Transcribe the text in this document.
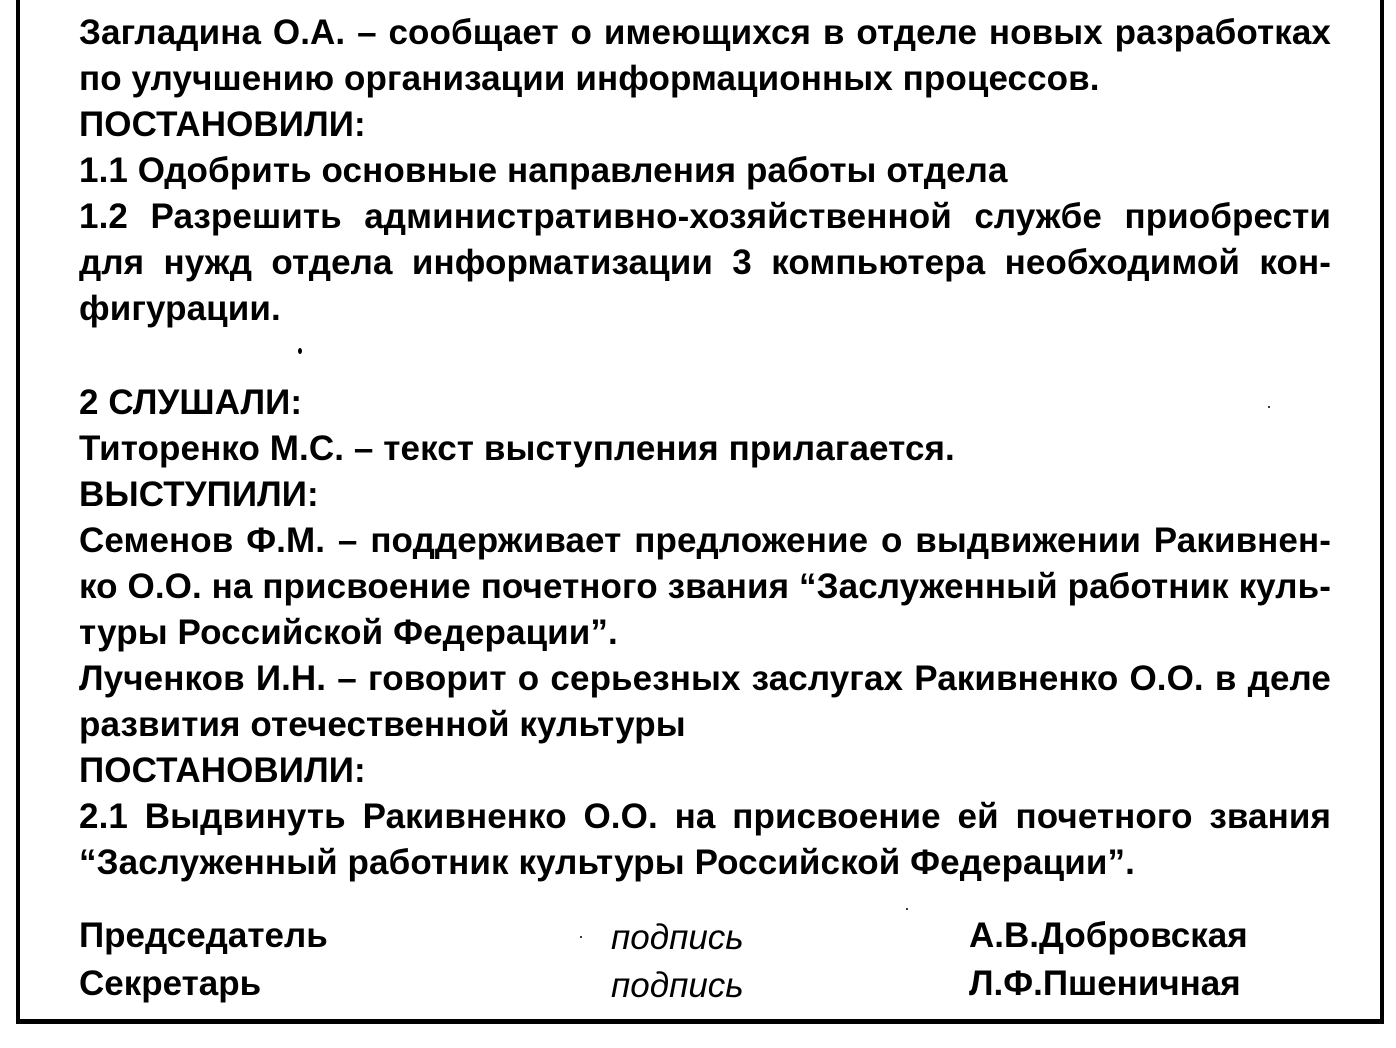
Загладина О.А. – сообщает о имеющихся в отделе новых разработках по улучшению организации информационных процессов.

ПОСТАНОВИЛИ:

1.1 Одобрить основные направления работы отдела

1.2 Разрешить административно-хозяйственной службе приобрести для нужд отдела информатизации 3 компьютера необходимой кон-фигурации.

2 СЛУШАЛИ:

Титоренко М.С. – текст выступления прилагается.

ВЫСТУПИЛИ:

Семенов Ф.М. – поддерживает предложение о выдвижении Ракивнен-ко О.О. на присвоение почетного звания “Заслуженный работник куль-туры Российской Федерации”.

Лученков И.Н. – говорит о серьезных заслугах Ракивненко О.О. в деле развития отечественной культуры

ПОСТАНОВИЛИ:

2.1 Выдвинуть Ракивненко О.О. на присвоение ей почетного звания “Заслуженный работник культуры Российской Федерации”.

Председатель	подпись	А.В.Добровская
Секретарь	подпись	Л.Ф.Пшеничная
